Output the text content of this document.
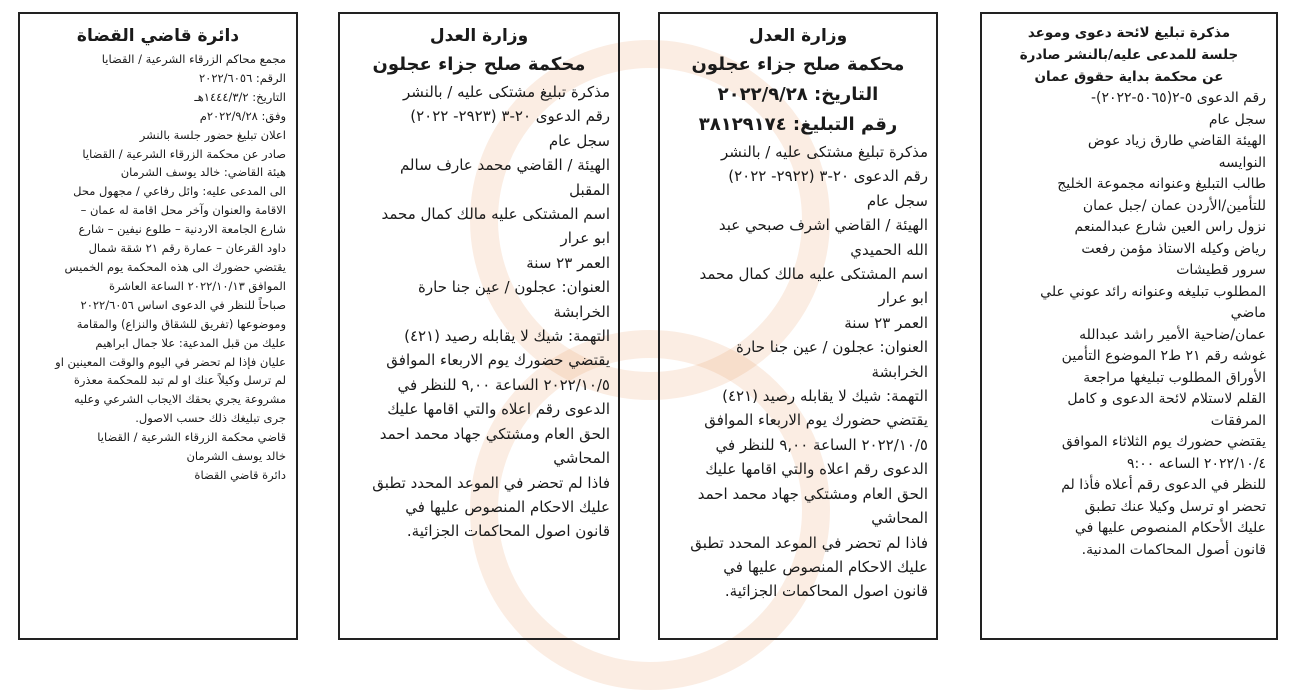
مذكرة تبليغ لائحة دعوى وموعد

جلسة للمدعى عليه/بالنشر صادرة

عن محكمة بداية حقوق عمان

رقم الدعوى ٥-٢(٥٠٦٥-٢٠٢٢)-

سجل عام

الهيئة القاضي طارق زياد عوض

النوايسه

طالب التبليغ وعنوانه مجموعة الخليج

للتأمين/الأردن عمان /جبل عمان

نزول راس العين شارع عبدالمنعم

رياض وكيله الاستاذ مؤمن رفعت

سرور قطيشات

المطلوب تبليغه وعنوانه رائد عوني علي

ماضي

عمان/ضاحية الأمير راشد عبدالله

غوشه رقم ٢١ ط٢ الموضوع التأمين

الأوراق المطلوب تبليغها مراجعة

القلم لاستلام لائحة الدعوى و كامل

المرفقات

يقتضي حضورك يوم الثلاثاء الموافق

٢٠٢٢/١٠/٤ الساعه ٩:٠٠

للنظر في الدعوى رقم أعلاه فأذا لم

تحضر او ترسل وكيلا عنك تطبق

عليك الأحكام المنصوص عليها في

قانون أصول المحاكمات المدنية.

وزارة العدل

محكمة صلح جزاء عجلون

التاريخ: ٢٠٢٢/٩/٢٨

رقم التبليغ: ٣٨١٢٩١٧٤

مذكرة تبليغ مشتكى عليه / بالنشر

رقم الدعوى ٢٠-٣ (٢٩٢٢- ٢٠٢٢)

سجل عام

الهيئة / القاضي اشرف صبحي عبد

الله الحميدي

اسم المشتكى عليه مالك كمال محمد

ابو عرار

العمر ٢٣ سنة

العنوان: عجلون / عين جنا حارة

الخرابشة

التهمة: شيك لا يقابله رصيد (٤٢١)

يقتضي حضورك يوم الاربعاء الموافق

٢٠٢٢/١٠/٥ الساعة ٩,٠٠ للنظر في

الدعوى رقم اعلاه والتي اقامها عليك

الحق العام ومشتكي جهاد محمد احمد

المحاشي

فاذا لم تحضر في الموعد المحدد تطبق

عليك الاحكام المنصوص عليها في

قانون اصول المحاكمات الجزائية.

وزارة العدل

محكمة صلح جزاء عجلون

مذكرة تبليغ مشتكى عليه / بالنشر

رقم الدعوى ٢٠-٣ (٢٩٢٣- ٢٠٢٢)

سجل عام

الهيئة / القاضي محمد عارف سالم

المقبل

اسم المشتكى عليه مالك كمال محمد

ابو عرار

العمر ٢٣ سنة

العنوان: عجلون / عين جنا حارة

الخرابشة

التهمة: شيك لا يقابله رصيد (٤٢١)

يقتضي حضورك يوم الاربعاء الموافق

٢٠٢٢/١٠/٥ الساعة ٩,٠٠ للنظر في

الدعوى رقم اعلاه والتي اقامها عليك

الحق العام ومشتكي جهاد محمد احمد

المحاشي

فاذا لم تحضر في الموعد المحدد تطبق

عليك الاحكام المنصوص عليها في

قانون اصول المحاكمات الجزائية.

دائرة قاضي القضاة

مجمع محاكم الزرقاء الشرعية / القضايا

الرقم: ٢٠٢٢/٦٠٥٦

التاريخ: ١٤٤٤/٣/٢هـ

وفق: ٢٠٢٢/٩/٢٨م

اعلان تبليغ حضور جلسة بالنشر

صادر عن محكمة الزرقاء الشرعية / القضايا

هيئة القاضي: خالد يوسف الشرمان

الى المدعى عليه: وائل رفاعي / مجهول محل

الاقامة والعنوان وآخر محل اقامة له عمان –

شارع الجامعة الاردنية – طلوع نيفين – شارع

داود القرعان – عمارة رقم ٢١ شقة شمال

يقتضي حضورك الى هذه المحكمة يوم الخميس

الموافق ٢٠٢٢/١٠/١٣ الساعة العاشرة

صباحاً للنظر في الدعوى اساس ٢٠٢٢/٦٠٥٦

وموضوعها (تفريق للشقاق والنزاع) والمقامة

عليك من قبل المدعية: علا جمال ابراهيم

عليان فإذا لم تحضر في اليوم والوقت المعينين او

لم ترسل وكيلاً عنك او لم تبد للمحكمة معذرة

مشروعة يجري بحقك الايجاب الشرعي وعليه

جرى تبليغك ذلك حسب الاصول.

قاضي محكمة الزرقاء الشرعية / القضايا

خالد يوسف الشرمان

دائرة قاضي القضاة
